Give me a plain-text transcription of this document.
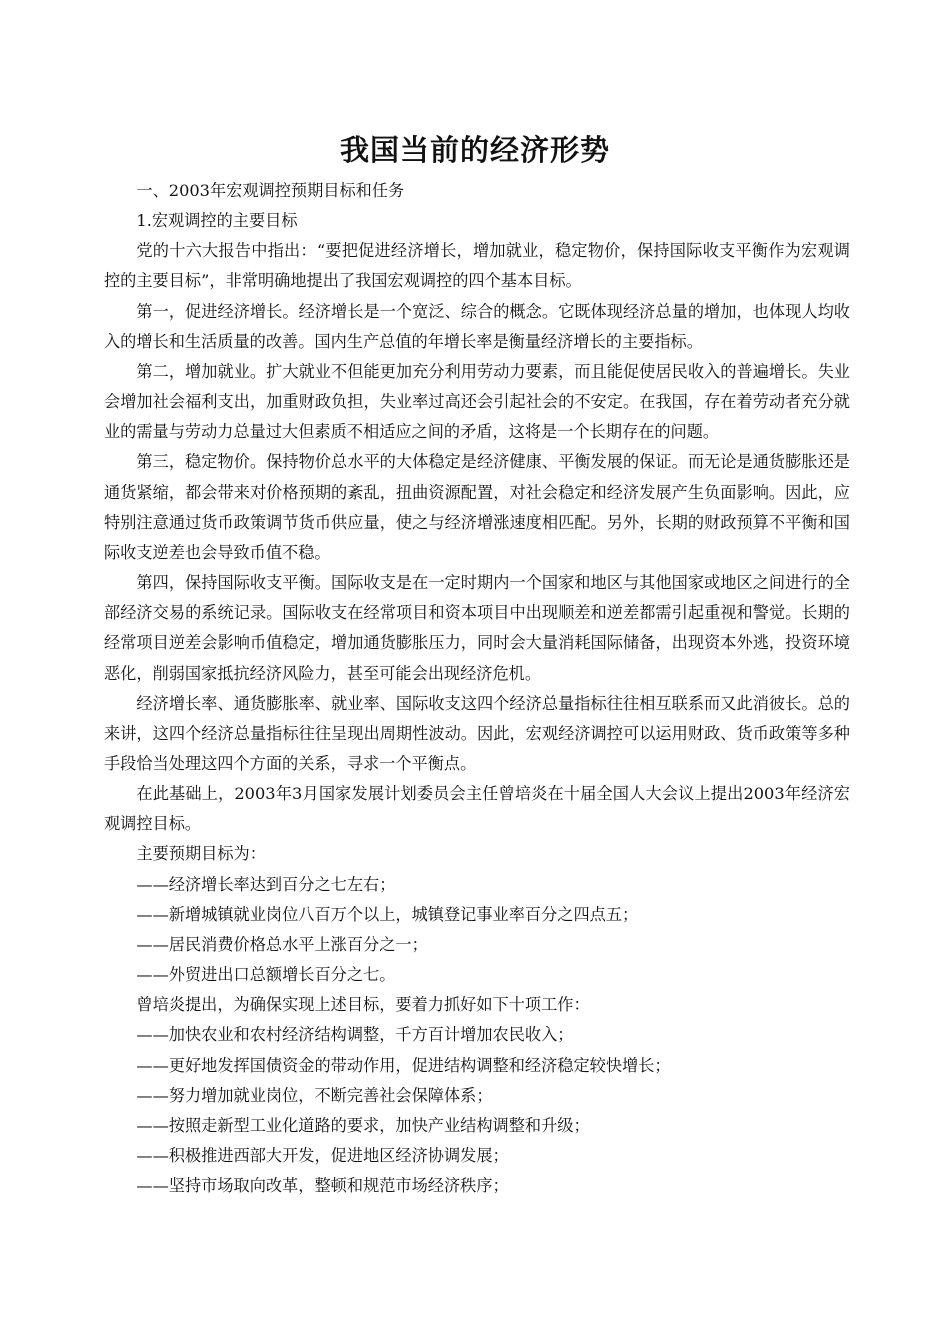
我国当前的经济形势

一、2003年宏观调控预期目标和任务

1.宏观调控的主要目标

党的十六大报告中指出：“要把促进经济增长，增加就业，稳定物价，保持国际收支平衡作为宏观调控的主要目标”，非常明确地提出了我国宏观调控的四个基本目标。

第一，促进经济增长。经济增长是一个宽泛、综合的概念。它既体现经济总量的增加，也体现人均收入的增长和生活质量的改善。国内生产总值的年增长率是衡量经济增长的主要指标。

第二，增加就业。扩大就业不但能更加充分利用劳动力要素，而且能促使居民收入的普遍增长。失业会增加社会福利支出，加重财政负担，失业率过高还会引起社会的不安定。在我国，存在着劳动者充分就业的需量与劳动力总量过大但素质不相适应之间的矛盾，这将是一个长期存在的问题。

第三，稳定物价。保持物价总水平的大体稳定是经济健康、平衡发展的保证。而无论是通货膨胀还是通货紧缩，都会带来对价格预期的紊乱，扭曲资源配置，对社会稳定和经济发展产生负面影响。因此，应特别注意通过货币政策调节货币供应量，使之与经济增涨速度相匹配。另外，长期的财政预算不平衡和国际收支逆差也会导致币值不稳。

第四，保持国际收支平衡。国际收支是在一定时期内一个国家和地区与其他国家或地区之间进行的全部经济交易的系统记录。国际收支在经常项目和资本项目中出现顺差和逆差都需引起重视和警觉。长期的经常项目逆差会影响币值稳定，增加通货膨胀压力，同时会大量消耗国际储备，出现资本外逃，投资环境恶化，削弱国家抵抗经济风险力，甚至可能会出现经济危机。

经济增长率、通货膨胀率、就业率、国际收支这四个经济总量指标往往相互联系而又此消彼长。总的来讲，这四个经济总量指标往往呈现出周期性波动。因此，宏观经济调控可以运用财政、货币政策等多种手段恰当处理这四个方面的关系，寻求一个平衡点。

在此基础上，2003年3月国家发展计划委员会主任曾培炎在十届全国人大会议上提出2003年经济宏观调控目标。

主要预期目标为：

——经济增长率达到百分之七左右；

——新增城镇就业岗位八百万个以上，城镇登记事业率百分之四点五；

——居民消费价格总水平上涨百分之一；

——外贸进出口总额增长百分之七。

曾培炎提出，为确保实现上述目标，要着力抓好如下十项工作：

——加快农业和农村经济结构调整，千方百计增加农民收入；

——更好地发挥国债资金的带动作用，促进结构调整和经济稳定较快增长；

——努力增加就业岗位，不断完善社会保障体系；

——按照走新型工业化道路的要求，加快产业结构调整和升级；

——积极推进西部大开发，促进地区经济协调发展；

——坚持市场取向改革，整顿和规范市场经济秩序；
